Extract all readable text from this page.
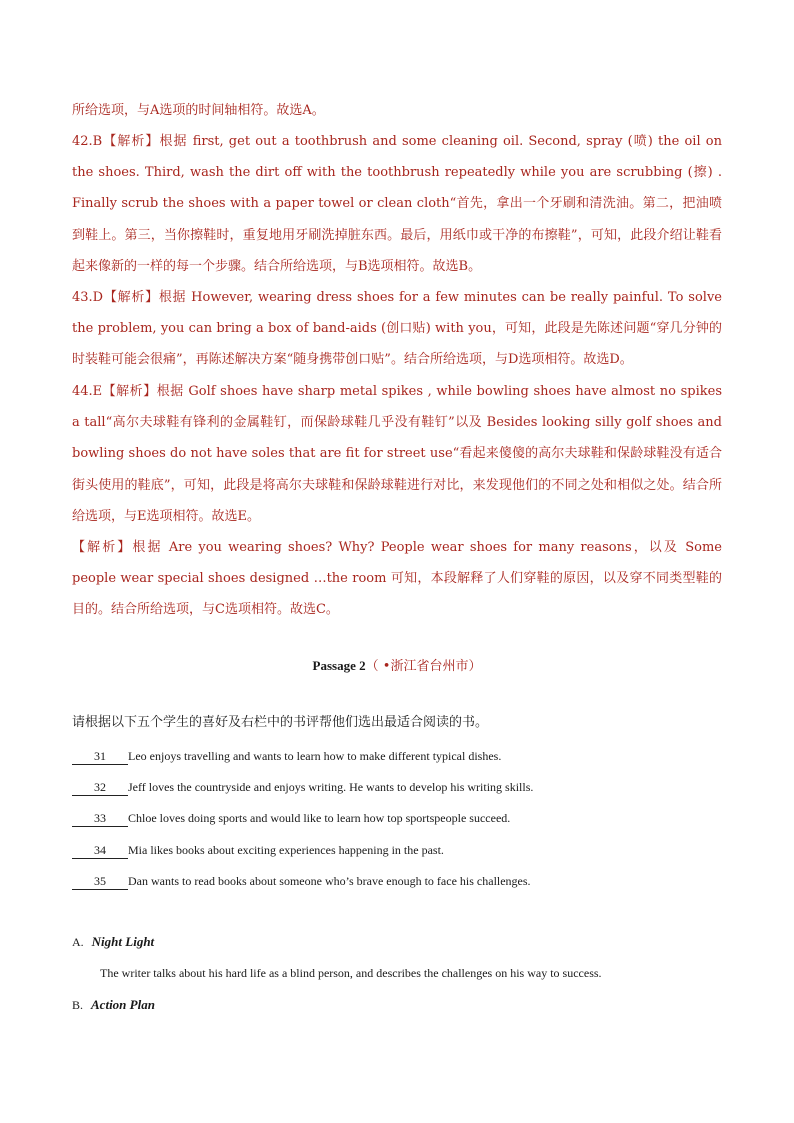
所给选项，与A选项的时间轴相符。故选A。

42.B【解析】根据 first, get out a toothbrush and some cleaning oil. Second, spray (喷) the oil on the shoes. Third, wash the dirt off with the toothbrush repeatedly while you are scrubbing (擦) . Finally scrub the shoes with a paper towel or clean cloth“首先，拿出一个牙刷和清洗油。第二，把油喷到鞋上。第三，当你擦鞋时，重复地用牙刷洗掉脏东西。最后，用纸巾或干净的布擦鞋”，可知，此段介绍让鞋看起来像新的一样的每一个步骤。结合所给选项，与B选项相符。故选B。

43.D【解析】根据 However, wearing dress shoes for a few minutes can be really painful. To solve the problem, you can bring a box of band-aids (创口贴) with you，可知，此段是先陈述问题“穿几分钟的时装鞋可能会很痛”，再陈述解决方案“随身携带创口贴”。结合所给选项，与D选项相符。故选D。

44.E【解析】根据 Golf shoes have sharp metal spikes , while bowling shoes have almost no spikes a tall“高尔夫球鞋有锋利的金属鞋钉，而保龄球鞋几乎没有鞋钉”以及 Besides looking silly golf shoes and bowling shoes do not have soles that are fit for street use“看起来傻傻的高尔夫球鞋和保龄球鞋没有适合街头使用的鞋底”，可知，此段是将高尔夫球鞋和保龄球鞋进行对比，来发现他们的不同之处和相似之处。结合所给选项，与E选项相符。故选E。

【解析】根据 Are you wearing shoes? Why? People wear shoes for many reasons，以及 Some people wear special shoes designed …the room 可知，本段解释了人们穿鞋的原因，以及穿不同类型鞋的目的。结合所给选项，与C选项相符。故选C。

Passage 2（ •浙江省台州市）
请根据以下五个学生的喜好及右栏中的书评帮他们选出最适合阅读的书。
31 Leo enjoys travelling and wants to learn how to make different typical dishes.
32 Jeff loves the countryside and enjoys writing. He wants to develop his writing skills.
33 Chloe loves doing sports and would like to learn how top sportspeople succeed.
34 Mia likes books about exciting experiences happening in the past.
35 Dan wants to read books about someone who’s brave enough to face his challenges.
A. Night Light
The writer talks about his hard life as a blind person, and describes the challenges on his way to success.
B. Action Plan
